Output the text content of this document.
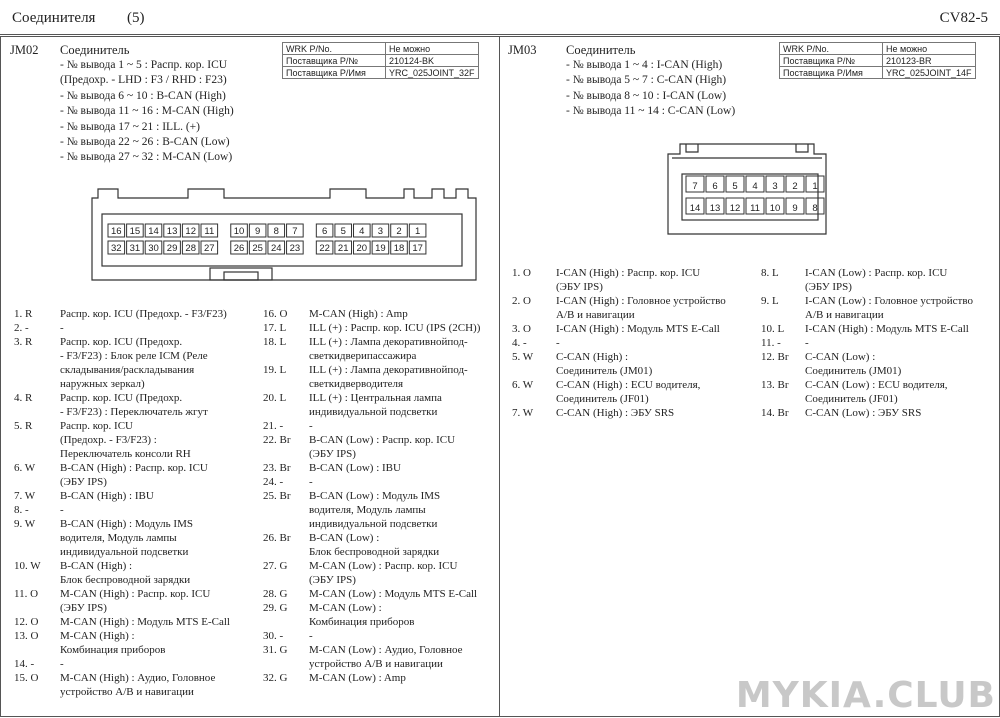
Соединителя (5)	CV82-5
JM02 Соединитель
- № вывода 1 ~ 5 : Распр. кор. ICU
(Предохр. - LHD : F3 / RHD : F23)
- № вывода 6 ~ 10 : B-CAN (High)
- № вывода 11 ~ 16 : M-CAN (High)
- № вывода 17 ~ 21 : ILL. (+)
- № вывода 22 ~ 26 : B-CAN (Low)
- № вывода 27 ~ 32 : M-CAN (Low)
WRK P/No.	Не можно
Поставщика P/№	210124-BK
Поставщика P/Имя	YRC_025JOINT_32F
16 15 14 13 12 11 10 9 8 7	6 5 4 3 2 1
32 31 30 29 28 27 26 25 24 23 22 21 20 19 18 17
1. R	Распр. кор. ICU (Предохр. - F3/F23)
2. -	-
3. R	Распр. кор. ICU (Предохр.
- F3/F23) : Блок реле ICM (Реле
складывания/раскладывания
наружных зеркал)
4. R	Распр. кор. ICU (Предохр.
- F3/F23) : Переключатель жгут
5. R	Распр. кор. ICU
(Предохр. - F3/F23) :
Переключатель консоли RH
6. W	B-CAN (High) : Распр. кор. ICU
(ЭБУ IPS)
7. W	B-CAN (High) : IBU
8. -	-
9. W	B-CAN (High) : Модуль IMS
водителя, Модуль лампы
индивидуальной подсветки
10. W	B-CAN (High) :
Блок беспроводной зарядки
11. O	M-CAN (High) : Распр. кор. ICU
(ЭБУ IPS)
12. O	M-CAN (High) : Модуль MTS E-Call
13. O	M-CAN (High) :
Комбинация приборов
14. -	-
15. O	M-CAN (High) : Аудио, Головное
устройство A/B и навигации
16. O	M-CAN (High) : Amp
17. L	ILL (+) : Распр. кор. ICU (IPS (2CH))
18. L	ILL (+) : Лампа декоративнойпод-
светкидверипассажира
19. L	ILL (+) : Лампа декоративнойпод-
светкидверводителя
20. L	ILL (+) : Центральная лампа
индивидуальной подсветки
21. -	-
22. Br	B-CAN (Low) : Распр. кор. ICU
(ЭБУ IPS)
23. Br	B-CAN (Low) : IBU
24. -	-
25. Br	B-CAN (Low) : Модуль IMS
водителя, Модуль лампы
индивидуальной подсветки
26. Br	B-CAN (Low) :
Блок беспроводной зарядки
27. G	M-CAN (Low) : Распр. кор. ICU
(ЭБУ IPS)
28. G	M-CAN (Low) : Модуль MTS E-Call
29. G	M-CAN (Low) :
Комбинация приборов
30. -	-
31. G	M-CAN (Low) : Аудио, Головное
устройство A/B и навигации
32. G	M-CAN (Low) : Amp
JM03 Соединитель
- № вывода 1 ~ 4 : I-CAN (High)
- № вывода 5 ~ 7 : C-CAN (High)
- № вывода 8 ~ 10 : I-CAN (Low)
- № вывода 11 ~ 14 : C-CAN (Low)
WRK P/No.	Не можно
Поставщика P/№	210123-BR
Поставщика P/Имя	YRC_025JOINT_14F
7 6 5 4 3 2 1
14 13 12 11 10 9 8
1. O	I-CAN (High) : Распр. кор. ICU
(ЭБУ IPS)
2. O	I-CAN (High) : Головное устройство
A/B и навигации
3. O	I-CAN (High) : Модуль MTS E-Call
4. -	-
5. W	C-CAN (High) :
Соединитель (JM01)
6. W	C-CAN (High) : ECU водителя,
Соединитель (JF01)
7. W	C-CAN (High) : ЭБУ SRS
8. L	I-CAN (Low) : Распр. кор. ICU
(ЭБУ IPS)
9. L	I-CAN (Low) : Головное устройство
A/B и навигации
10. L	I-CAN (High) : Модуль MTS E-Call
11. -	-
12. Br	C-CAN (Low) :
Соединитель (JM01)
13. Br	C-CAN (Low) : ECU водителя,
Соединитель (JF01)
14. Br	C-CAN (Low) : ЭБУ SRS
MYKIA.CLUB
